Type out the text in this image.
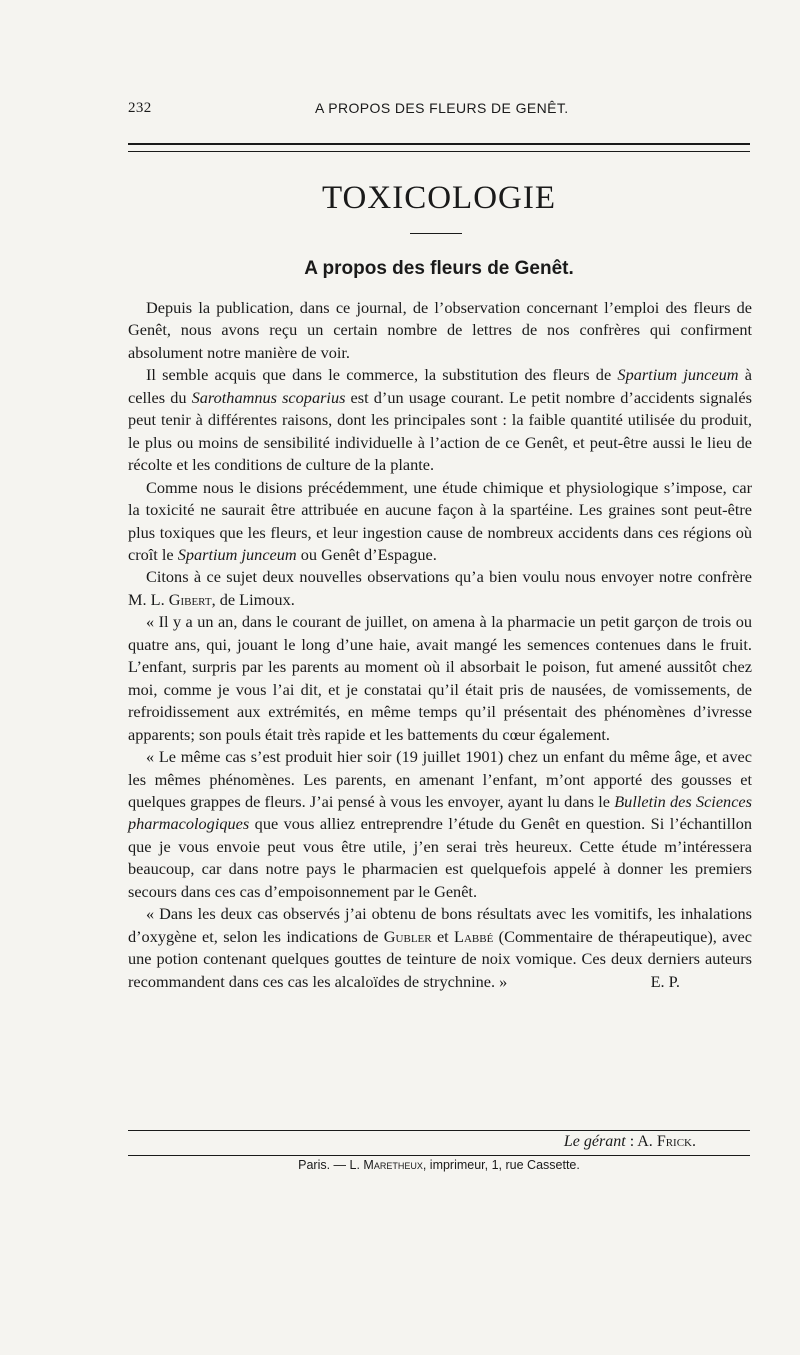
232	A PROPOS DES FLEURS DE GENÊT.
TOXICOLOGIE
A propos des fleurs de Genêt.

Depuis la publication, dans ce journal, de l’observation concernant l’emploi des fleurs de Genêt, nous avons reçu un certain nombre de lettres de nos confrères qui confirment absolument notre manière de voir.

Il semble acquis que dans le commerce, la substitution des fleurs de Spartium junceum à celles du Sarothamnus scoparius est d’un usage courant. Le petit nombre d’accidents signalés peut tenir à différentes raisons, dont les principales sont : la faible quantité utilisée du produit, le plus ou moins de sensibilité individuelle à l’action de ce Genêt, et peut-être aussi le lieu de récolte et les conditions de culture de la plante.

Comme nous le disions précédemment, une étude chimique et physiologique s’impose, car la toxicité ne saurait être attribuée en aucune façon à la spartéine. Les graines sont peut-être plus toxiques que les fleurs, et leur ingestion cause de nombreux accidents dans ces régions où croît le Spartium junceum ou Genêt d’Espague.

Citons à ce sujet deux nouvelles observations qu’a bien voulu nous envoyer notre confrère M. L. Gibert, de Limoux.

« Il y a un an, dans le courant de juillet, on amena à la pharmacie un petit garçon de trois ou quatre ans, qui, jouant le long d’une haie, avait mangé les semences contenues dans le fruit. L’enfant, surpris par les parents au moment où il absorbait le poison, fut amené aussitôt chez moi, comme je vous l’ai dit, et je constatai qu’il était pris de nausées, de vomissements, de refroidissement aux extrémités, en même temps qu’il présentait des phénomènes d’ivresse apparents; son pouls était très rapide et les battements du cœur également.

« Le même cas s’est produit hier soir (19 juillet 1901) chez un enfant du même âge, et avec les mêmes phénomènes. Les parents, en amenant l’enfant, m’ont apporté des gousses et quelques grappes de fleurs. J’ai pensé à vous les envoyer, ayant lu dans le Bulletin des Sciences pharmacologiques que vous alliez entreprendre l’étude du Genêt en question. Si l’échantillon que je vous envoie peut vous être utile, j’en serai très heureux. Cette étude m’intéressera beaucoup, car dans notre pays le pharmacien est quelquefois appelé à donner les premiers secours dans ces cas d’empoisonnement par le Genêt.

« Dans les deux cas observés j’ai obtenu de bons résultats avec les vomitifs, les inhalations d’oxygène et, selon les indications de Gubler et Labbé (Commentaire de thérapeutique), avec une potion contenant quelques gouttes de teinture de noix vomique. Ces deux derniers auteurs recommandent dans ces cas les alcaloïdes de strychnine. »	E. P.

Le gérant : A. Frick.
Paris. — L. Maretheux, imprimeur, 1, rue Cassette.
